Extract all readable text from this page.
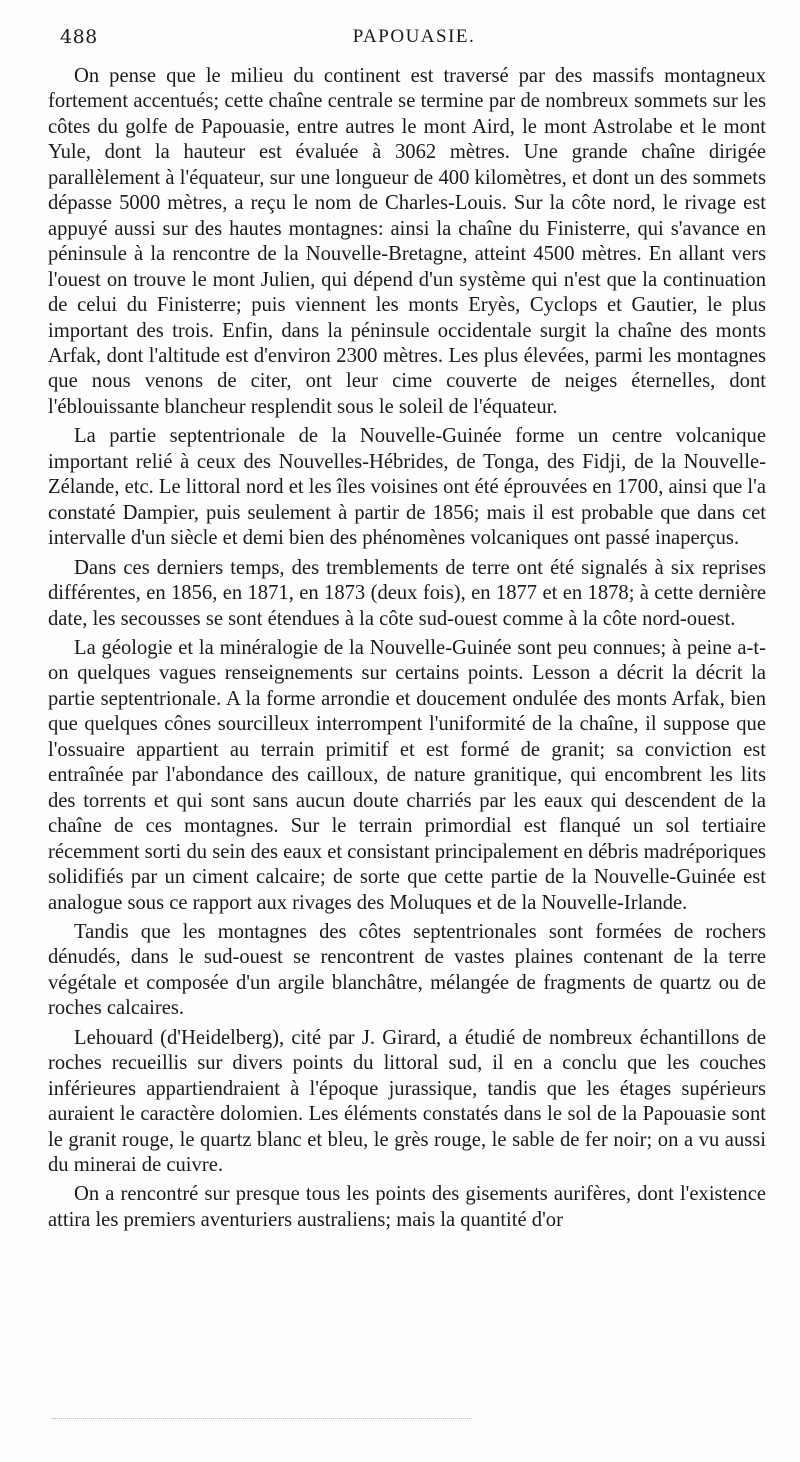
488	PAPOUASIE.

On pense que le milieu du continent est traversé par des massifs montagneux fortement accentués; cette chaîne centrale se termine par de nombreux sommets sur les côtes du golfe de Papouasie, entre autres le mont Aird, le mont Astrolabe et le mont Yule, dont la hauteur est évaluée à 3062 mètres. Une grande chaîne dirigée parallèlement à l'équateur, sur une longueur de 400 kilomètres, et dont un des sommets dépasse 5000 mètres, a reçu le nom de Charles-Louis. Sur la côte nord, le rivage est appuyé aussi sur des hautes montagnes: ainsi la chaîne du Finisterre, qui s'avance en péninsule à la rencontre de la Nouvelle-Bretagne, atteint 4500 mètres. En allant vers l'ouest on trouve le mont Julien, qui dépend d'un système qui n'est que la continuation de celui du Finisterre; puis viennent les monts Eryès, Cyclops et Gautier, le plus important des trois. Enfin, dans la péninsule occidentale surgit la chaîne des monts Arfak, dont l'altitude est d'environ 2300 mètres. Les plus élevées, parmi les montagnes que nous venons de citer, ont leur cime couverte de neiges éternelles, dont l'éblouissante blancheur resplendit sous le soleil de l'équateur.

La partie septentrionale de la Nouvelle-Guinée forme un centre volcanique important relié à ceux des Nouvelles-Hébrides, de Tonga, des Fidji, de la Nouvelle-Zélande, etc. Le littoral nord et les îles voisines ont été éprouvées en 1700, ainsi que l'a constaté Dampier, puis seulement à partir de 1856; mais il est probable que dans cet intervalle d'un siècle et demi bien des phénomènes volcaniques ont passé inaperçus.

Dans ces derniers temps, des tremblements de terre ont été signalés à six reprises différentes, en 1856, en 1871, en 1873 (deux fois), en 1877 et en 1878; à cette dernière date, les secousses se sont étendues à la côte sud-ouest comme à la côte nord-ouest.

La géologie et la minéralogie de la Nouvelle-Guinée sont peu connues; à peine a-t-on quelques vagues renseignements sur certains points. Lesson a décrit la décrit la partie septentrionale. A la forme arrondie et doucement ondulée des monts Arfak, bien que quelques cônes sourcilleux interrompent l'uniformité de la chaîne, il suppose que l'ossuaire appartient au terrain primitif et est formé de granit; sa conviction est entraînée par l'abondance des cailloux, de nature granitique, qui encombrent les lits des torrents et qui sont sans aucun doute charriés par les eaux qui descendent de la chaîne de ces montagnes. Sur le terrain primordial est flanqué un sol tertiaire récemment sorti du sein des eaux et consistant principalement en débris madréporiques solidifiés par un ciment calcaire; de sorte que cette partie de la Nouvelle-Guinée est analogue sous ce rapport aux rivages des Moluques et de la Nouvelle-Irlande.

Tandis que les montagnes des côtes septentrionales sont formées de rochers dénudés, dans le sud-ouest se rencontrent de vastes plaines contenant de la terre végétale et composée d'un argile blanchâtre, mélangée de fragments de quartz ou de roches calcaires.

Lehouard (d'Heidelberg), cité par J. Girard, a étudié de nombreux échantillons de roches recueillis sur divers points du littoral sud, il en a conclu que les couches inférieures appartiendraient à l'époque jurassique, tandis que les étages supérieurs auraient le caractère dolomien. Les éléments constatés dans le sol de la Papouasie sont le granit rouge, le quartz blanc et bleu, le grès rouge, le sable de fer noir; on a vu aussi du minerai de cuivre.

On a rencontré sur presque tous les points des gisements aurifères, dont l'existence attira les premiers aventuriers australiens; mais la quantité d'or
